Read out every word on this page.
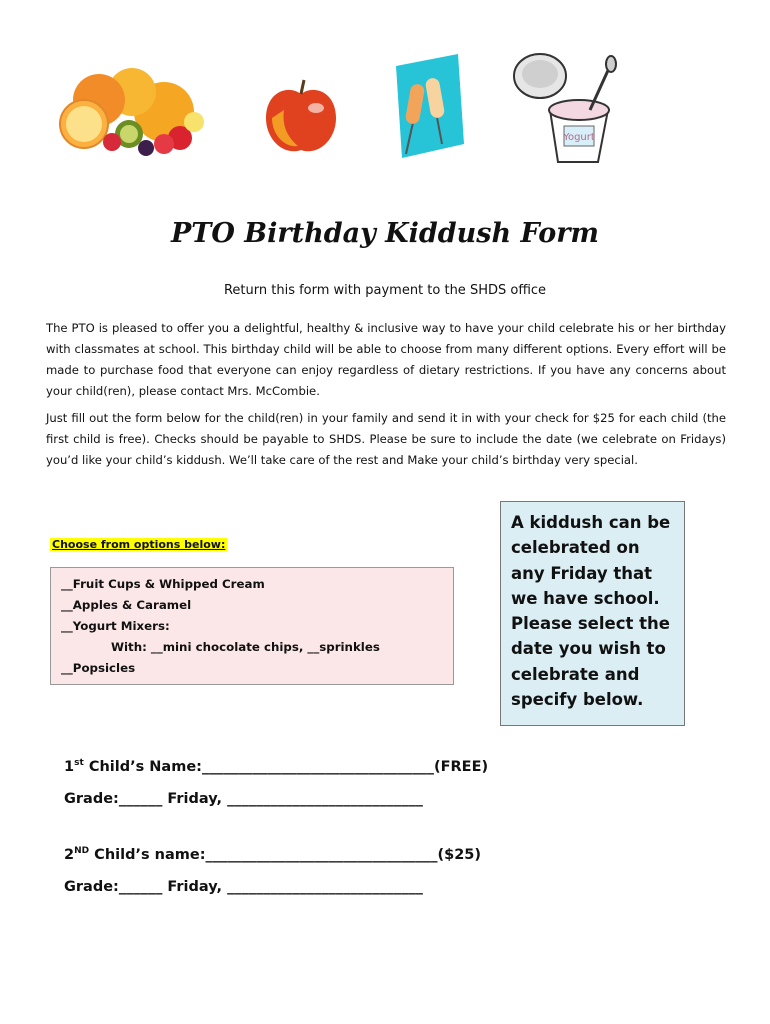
Yogurt
PTO Birthday Kiddush Form
Return this form with payment to the SHDS office

The PTO is pleased to offer you a delightful, healthy & inclusive way to have your child celebrate his or her birthday with classmates at school. This birthday child will be able to choose from many different options. Every effort will be made to purchase food that everyone can enjoy regardless of dietary restrictions. If you have any concerns about your child(ren), please contact Mrs. McCombie.

Just fill out the form below for the child(ren) in your family and send it in with your check for $25 for each child (the first child is free). Checks should be payable to SHDS. Please be sure to include the date (we celebrate on Fridays) you’d like your child’s kiddush. We’ll take care of the rest and Make your child’s birthday very special.

Choose from options below:
__Fruit Cups & Whipped Cream
__Apples & Caramel
__Yogurt Mixers:
With: __mini chocolate chips, __sprinkles
__Popsicles
A kiddush can be celebrated on any Friday that we have school. Please select the date you wish to celebrate and specify below.
1st Child’s Name:________________________________(FREE)
Grade:______ Friday, ___________________________
2ND Child’s name:________________________________($25)
Grade:______ Friday, ___________________________
